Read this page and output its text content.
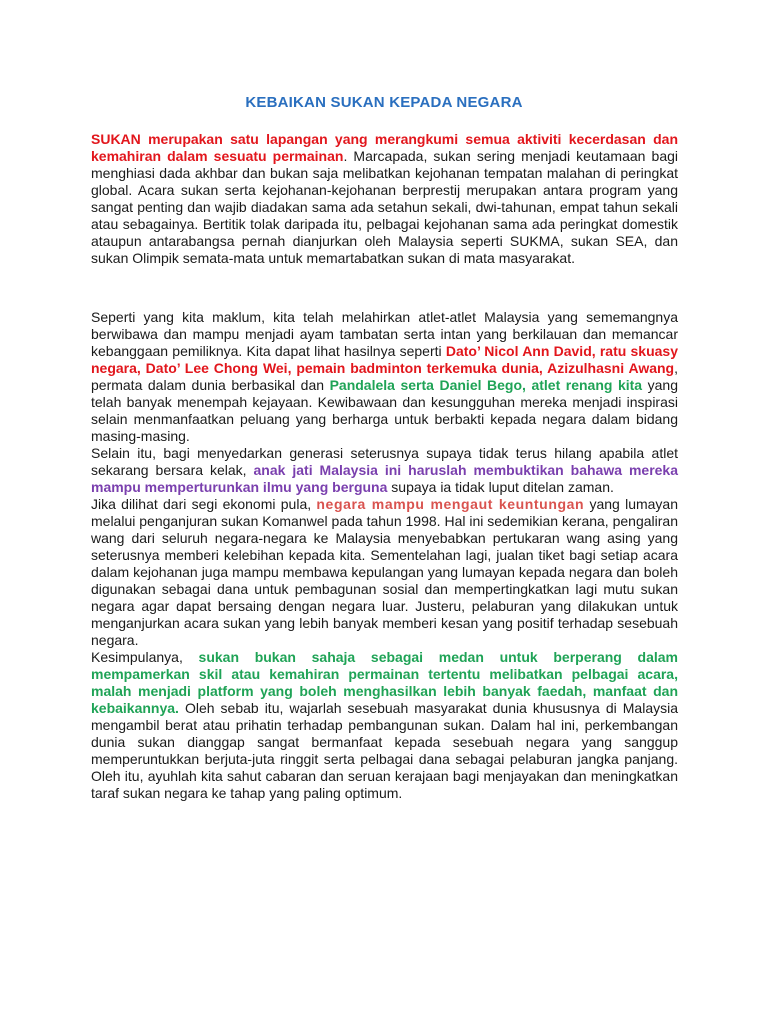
KEBAIKAN SUKAN KEPADA NEGARA

SUKAN merupakan satu lapangan yang merangkumi semua aktiviti kecerdasan dan kemahiran dalam sesuatu permainan. Marcapada, sukan sering menjadi keutamaan bagi menghiasi dada akhbar dan bukan saja melibatkan kejohanan tempatan malahan di peringkat global. Acara sukan serta kejohanan-kejohanan berprestij merupakan antara program yang sangat penting dan wajib diadakan sama ada setahun sekali, dwi-tahunan, empat tahun sekali atau sebagainya. Bertitik tolak daripada itu, pelbagai kejohanan sama ada peringkat domestik ataupun antarabangsa pernah dianjurkan oleh Malaysia seperti SUKMA, sukan SEA, dan sukan Olimpik semata-mata untuk memartabatkan sukan di mata masyarakat.

Seperti yang kita maklum, kita telah melahirkan atlet-atlet Malaysia yang sememangnya berwibawa dan mampu menjadi ayam tambatan serta intan yang berkilauan dan memancar kebanggaan pemiliknya. Kita dapat lihat hasilnya seperti Dato’ Nicol Ann David, ratu skuasy negara, Dato’ Lee Chong Wei, pemain badminton terkemuka dunia, Azizulhasni Awang, permata dalam dunia berbasikal dan Pandalela serta Daniel Bego, atlet renang kita yang telah banyak menempah kejayaan. Kewibawaan dan kesungguhan mereka menjadi inspirasi selain menmanfaatkan peluang yang berharga untuk berbakti kepada negara dalam bidang masing-masing.

Selain itu, bagi menyedarkan generasi seterusnya supaya tidak terus hilang apabila atlet sekarang bersara kelak, anak jati Malaysia ini haruslah membuktikan bahawa mereka mampu memperturunkan ilmu yang berguna supaya ia tidak luput ditelan zaman.

Jika dilihat dari segi ekonomi pula, negara mampu mengaut keuntungan yang lumayan melalui penganjuran sukan Komanwel pada tahun 1998. Hal ini sedemikian kerana, pengaliran wang dari seluruh negara-negara ke Malaysia menyebabkan pertukaran wang asing yang seterusnya memberi kelebihan kepada kita. Sementelahan lagi, jualan tiket bagi setiap acara dalam kejohanan juga mampu membawa kepulangan yang lumayan kepada negara dan boleh digunakan sebagai dana untuk pembagunan sosial dan mempertingkatkan lagi mutu sukan negara agar dapat bersaing dengan negara luar. Justeru, pelaburan yang dilakukan untuk menganjurkan acara sukan yang lebih banyak memberi kesan yang positif terhadap sesebuah negara.

Kesimpulanya, sukan bukan sahaja sebagai medan untuk berperang dalam mempamerkan skil atau kemahiran permainan tertentu melibatkan pelbagai acara, malah menjadi platform yang boleh menghasilkan lebih banyak faedah, manfaat dan kebaikannya. Oleh sebab itu, wajarlah sesebuah masyarakat dunia khususnya di Malaysia mengambil berat atau prihatin terhadap pembangunan sukan. Dalam hal ini, perkembangan dunia sukan dianggap sangat bermanfaat kepada sesebuah negara yang sanggup memperuntukkan berjuta-juta ringgit serta pelbagai dana sebagai pelaburan jangka panjang. Oleh itu, ayuhlah kita sahut cabaran dan seruan kerajaan bagi menjayakan dan meningkatkan taraf sukan negara ke tahap yang paling optimum.
